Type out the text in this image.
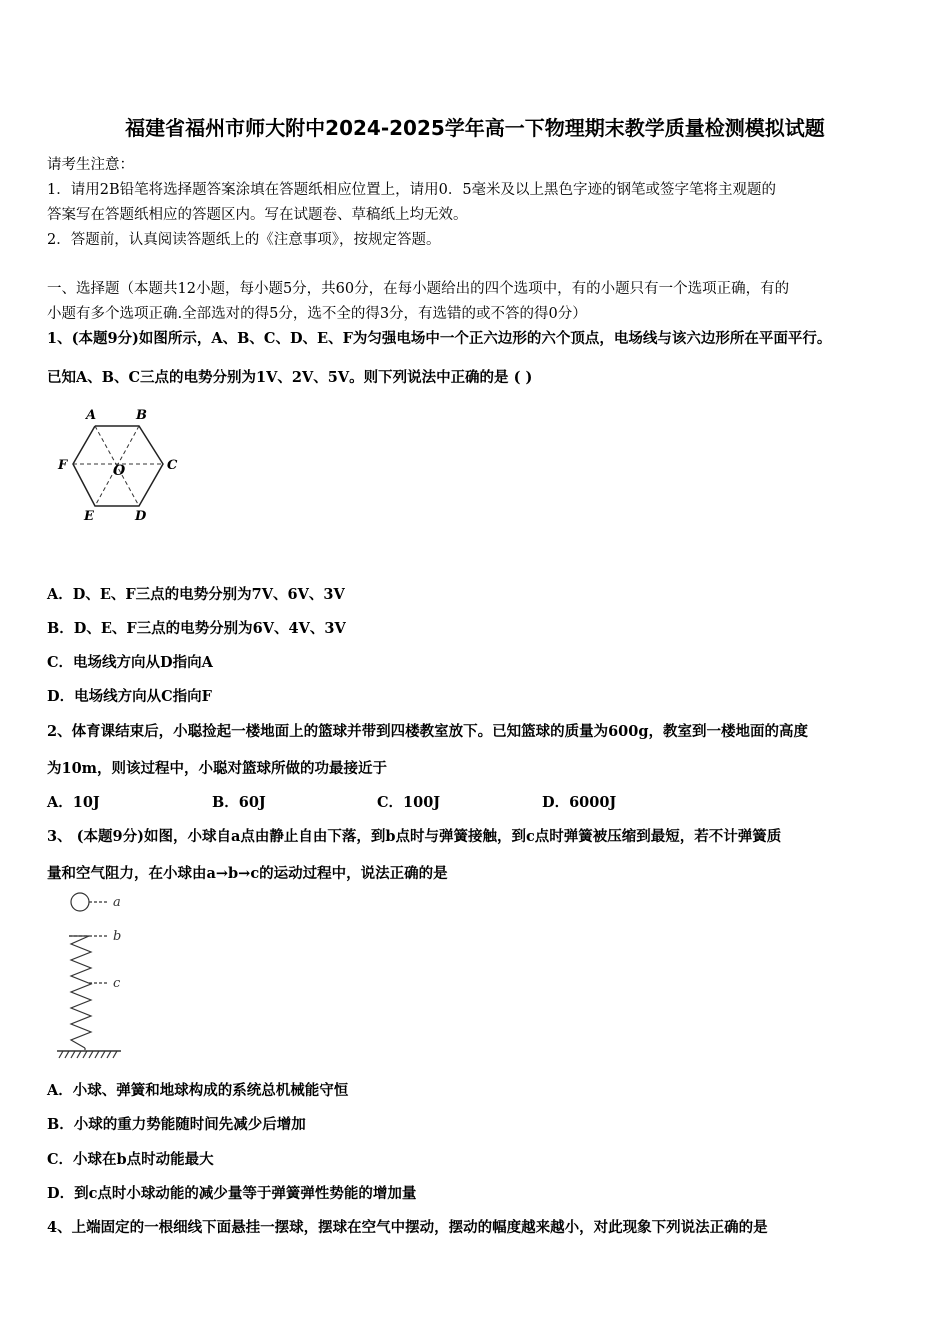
福建省福州市师大附中2024-2025学年高一下物理期末教学质量检测模拟试题
请考生注意：
1．请用2B铅笔将选择题答案涂填在答题纸相应位置上，请用0．5毫米及以上黑色字迹的钢笔或签字笔将主观题的
答案写在答题纸相应的答题区内。写在试题卷、草稿纸上均无效。
2．答题前，认真阅读答题纸上的《注意事项》，按规定答题。
一、选择题（本题共12小题，每小题5分，共60分，在每小题给出的四个选项中，有的小题只有一个选项正确，有的
小题有多个选项正确.全部选对的得5分，选不全的得3分，有选错的或不答的得0分）
1、(本题9分)如图所示，A、B、C、D、E、F为匀强电场中一个正六边形的六个顶点，电场线与该六边形所在平面平行。
已知A、B、C三点的电势分别为1V、2V、5V。则下列说法中正确的是 ( )
A	B
C
D
E
F	O
A．D、E、F三点的电势分别为7V、6V、3V
B．D、E、F三点的电势分别为6V、4V、3V
C．电场线方向从D指向A
D．电场线方向从C指向F
2、体育课结束后，小聪捡起一楼地面上的篮球并带到四楼教室放下。已知篮球的质量为600g，教室到一楼地面的高度
为10m，则该过程中，小聪对篮球所做的功最接近于
A．10J	B．60J	C．100J	D．6000J
3、 (本题9分)如图，小球自a点由静止自由下落，到b点时与弹簧接触，到c点时弹簧被压缩到最短，若不计弹簧质
量和空气阻力，在小球由a→b→c的运动过程中，说法正确的是
a
b
c
A．小球、弹簧和地球构成的系统总机械能守恒
B．小球的重力势能随时间先减少后增加
C．小球在b点时动能最大
D．到c点时小球动能的减少量等于弹簧弹性势能的增加量
4、上端固定的一根细线下面悬挂一摆球，摆球在空气中摆动，摆动的幅度越来越小，对此现象下列说法正确的是
